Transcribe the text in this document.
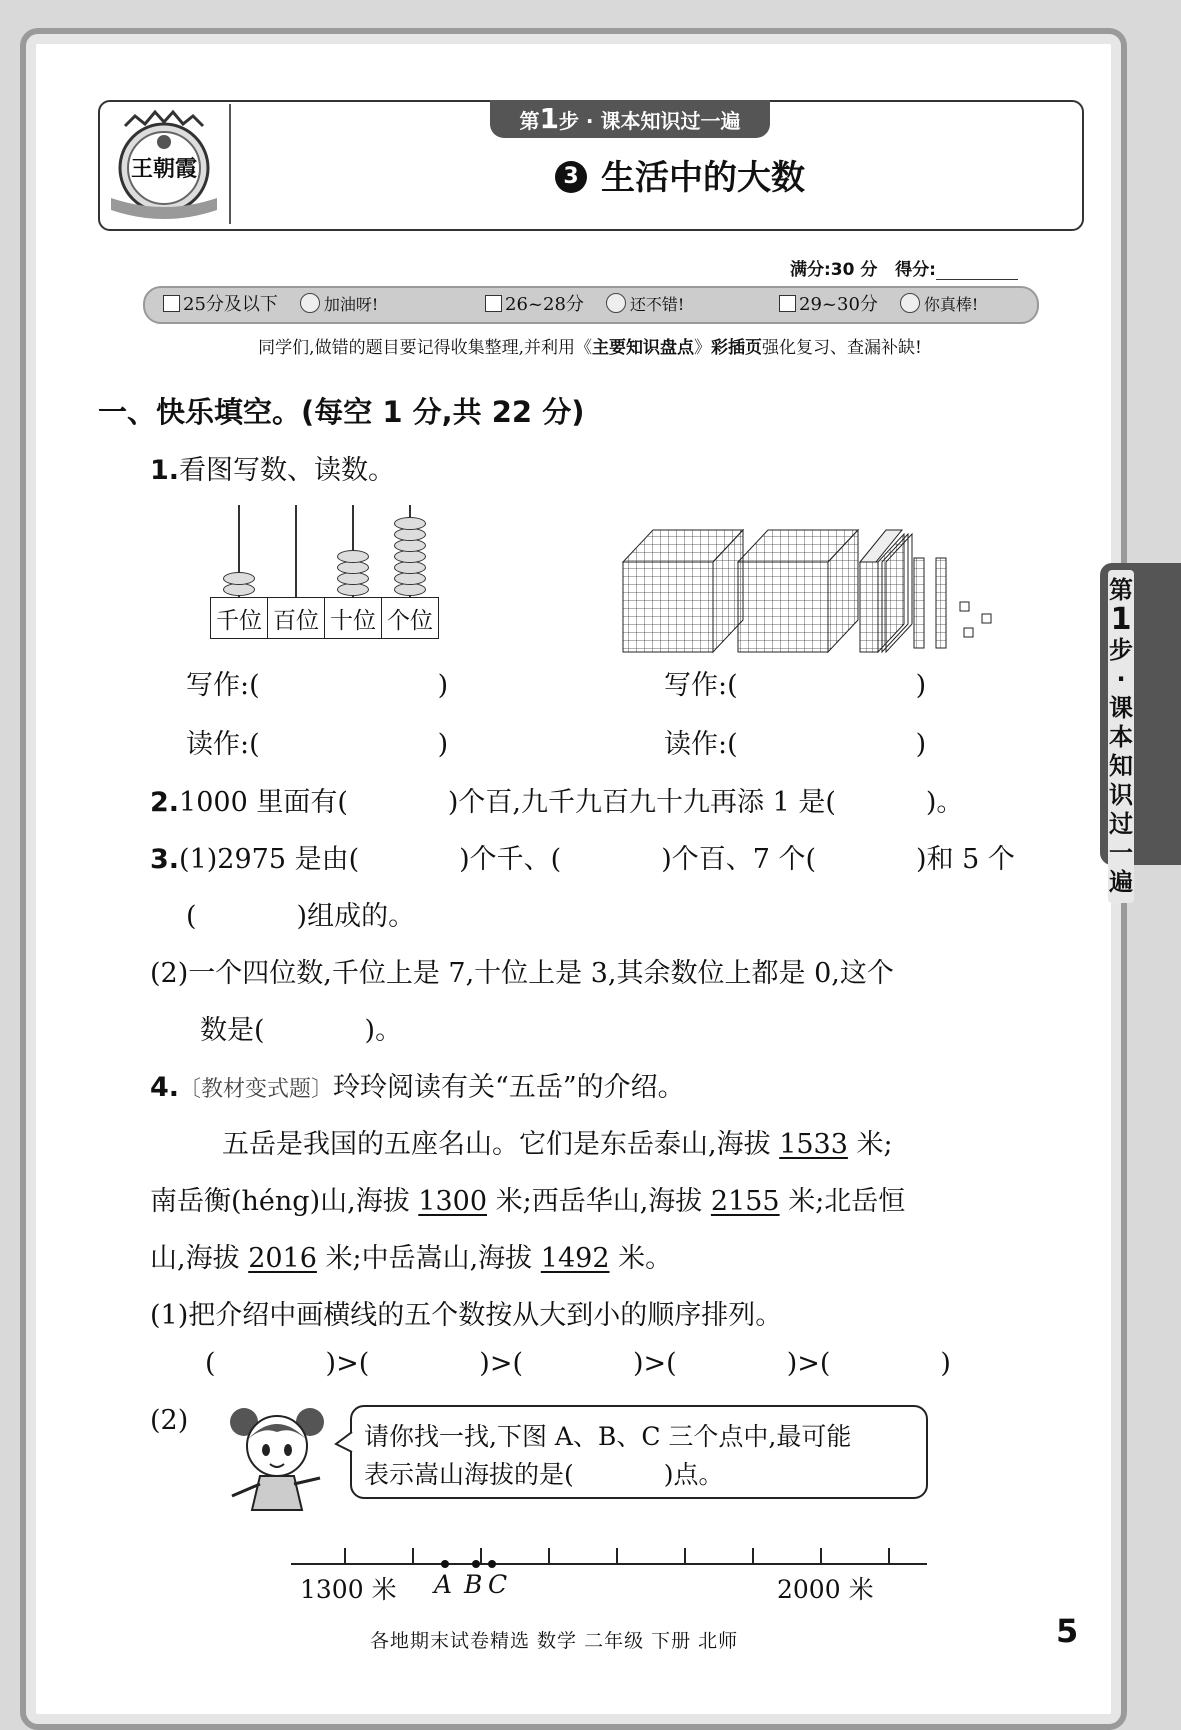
王朝霞
第1步 · 课本知识过一遍
3 生活中的大数
满分:30 分 得分:
25分及以下	加油呀!	26~28分	还不错!	29~30分	你真棒!
同学们,做错的题目要记得收集整理,并利用《主要知识盘点》彩插页强化复习、查漏补缺!
一、快乐填空。(每空 1 分,共 22 分)
1.看图写数、读数。
千位	百位	十位	个位
写作:(	)
读作:(	)
写作:(	)
读作:(	)
2.1000 里面有(	)个百,九千九百九十九再添 1 是(	)。
3.(1)2975 是由(	)个千、(	)个百、7 个(	)和 5 个
(	)组成的。
(2)一个四位数,千位上是 7,十位上是 3,其余数位上都是 0,这个
数是(	)。
4.〔教材变式题〕玲玲阅读有关“五岳”的介绍。
五岳是我国的五座名山。它们是东岳泰山,海拔 1533 米;
南岳衡(héng)山,海拔 1300 米;西岳华山,海拔 2155 米;北岳恒
山,海拔 2016 米;中岳嵩山,海拔 1492 米。
(1)把介绍中画横线的五个数按从大到小的顺序排列。
(	)>(	)>(	)>(	)>(	)
(2)
请你找一找,下图 A、B、C 三个点中,最可能
表示嵩山海拔的是(	)点。
1300 米	2000 米
A B C
第
1

步·课本知识过一遍
各地期末试卷精选 数学 二年级 下册 北师	5
